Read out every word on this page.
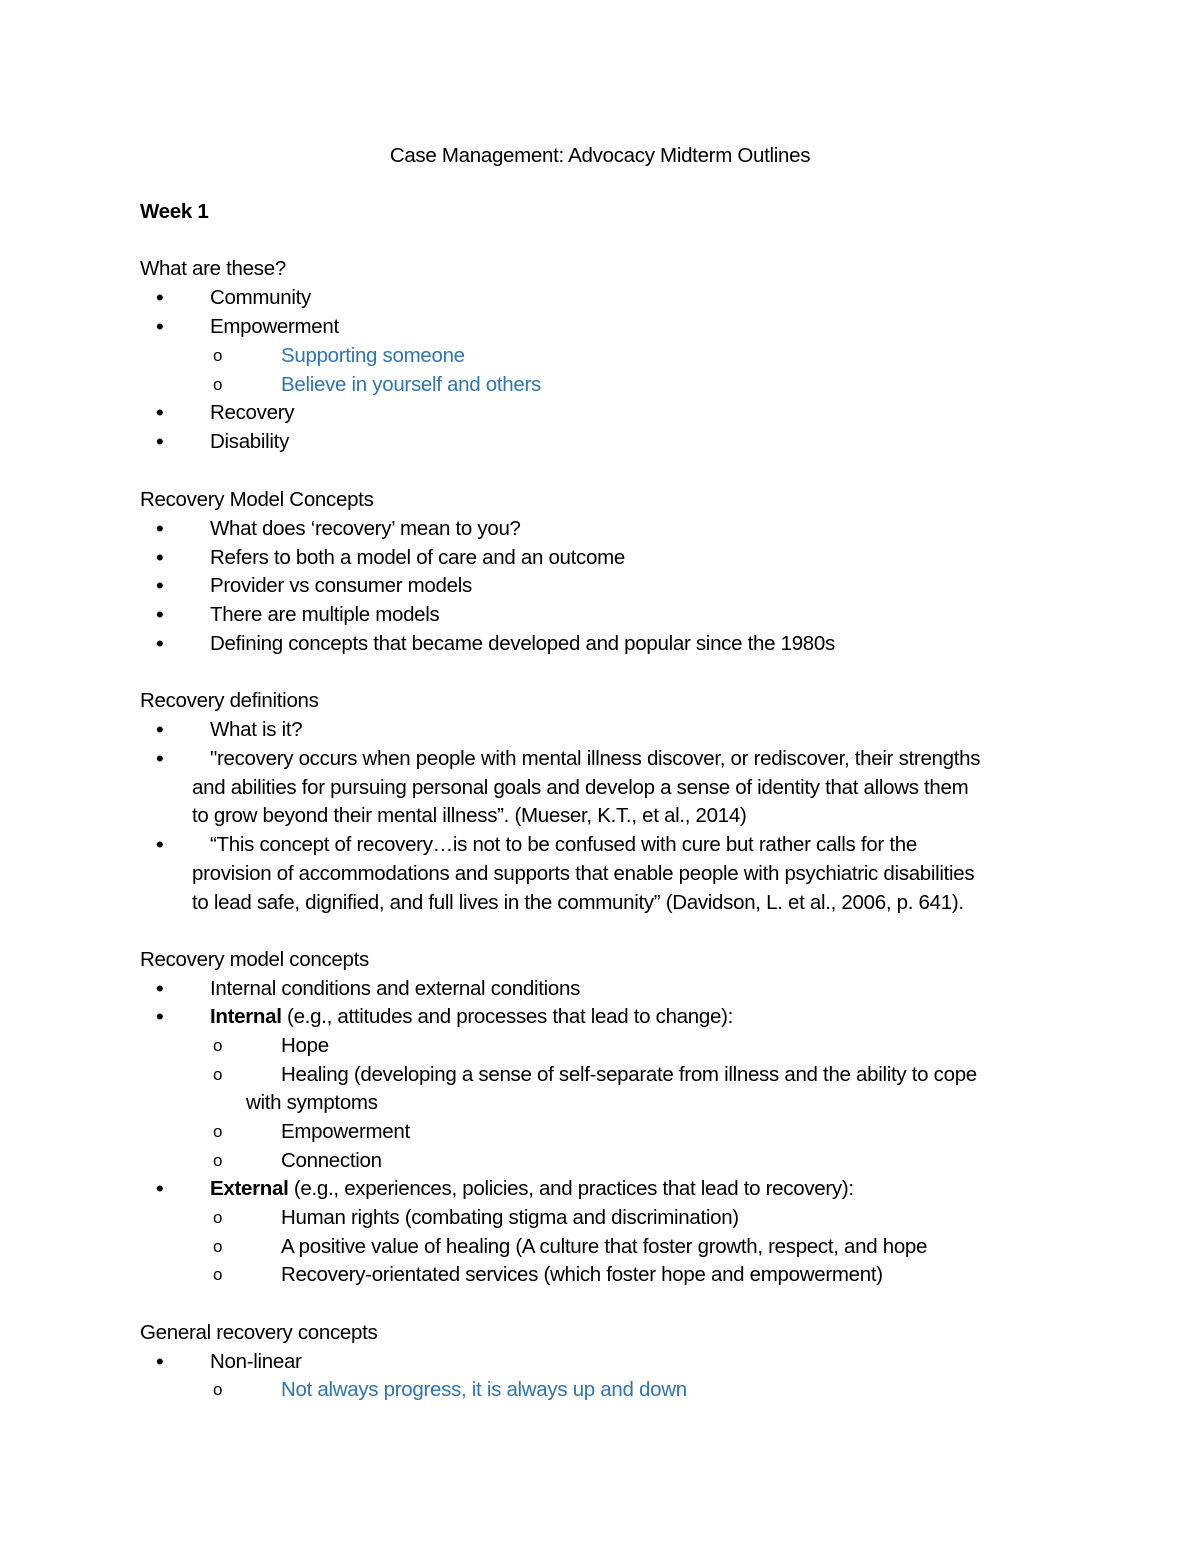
Case Management: Advocacy Midterm Outlines
Week 1
What are these?
• Community
• Empowerment
o	Supporting someone
o	Believe in yourself and others
• Recovery
• Disability
Recovery Model Concepts
• What does ‘recovery’ mean to you?
• Refers to both a model of care and an outcome
• Provider vs consumer models
• There are multiple models
• Defining concepts that became developed and popular since the 1980s
Recovery definitions
• What is it?
• "recovery occurs when people with mental illness discover, or rediscover, their strengths
and abilities for pursuing personal goals and develop a sense of identity that allows them
to grow beyond their mental illness”. (Mueser, K.T., et al., 2014)
• “This concept of recovery…is not to be confused with cure but rather calls for the
provision of accommodations and supports that enable people with psychiatric disabilities
to lead safe, dignified, and full lives in the community” (Davidson, L. et al., 2006, p. 641).
Recovery model concepts
• Internal conditions and external conditions
• Internal (e.g., attitudes and processes that lead to change):
o	Hope
o	Healing (developing a sense of self-separate from illness and the ability to cope
with symptoms
o	Empowerment
o	Connection
• External (e.g., experiences, policies, and practices that lead to recovery):
o	Human rights (combating stigma and discrimination)
o	A positive value of healing (A culture that foster growth, respect, and hope
o	Recovery-orientated services (which foster hope and empowerment)
General recovery concepts
• Non-linear
o	Not always progress, it is always up and down
